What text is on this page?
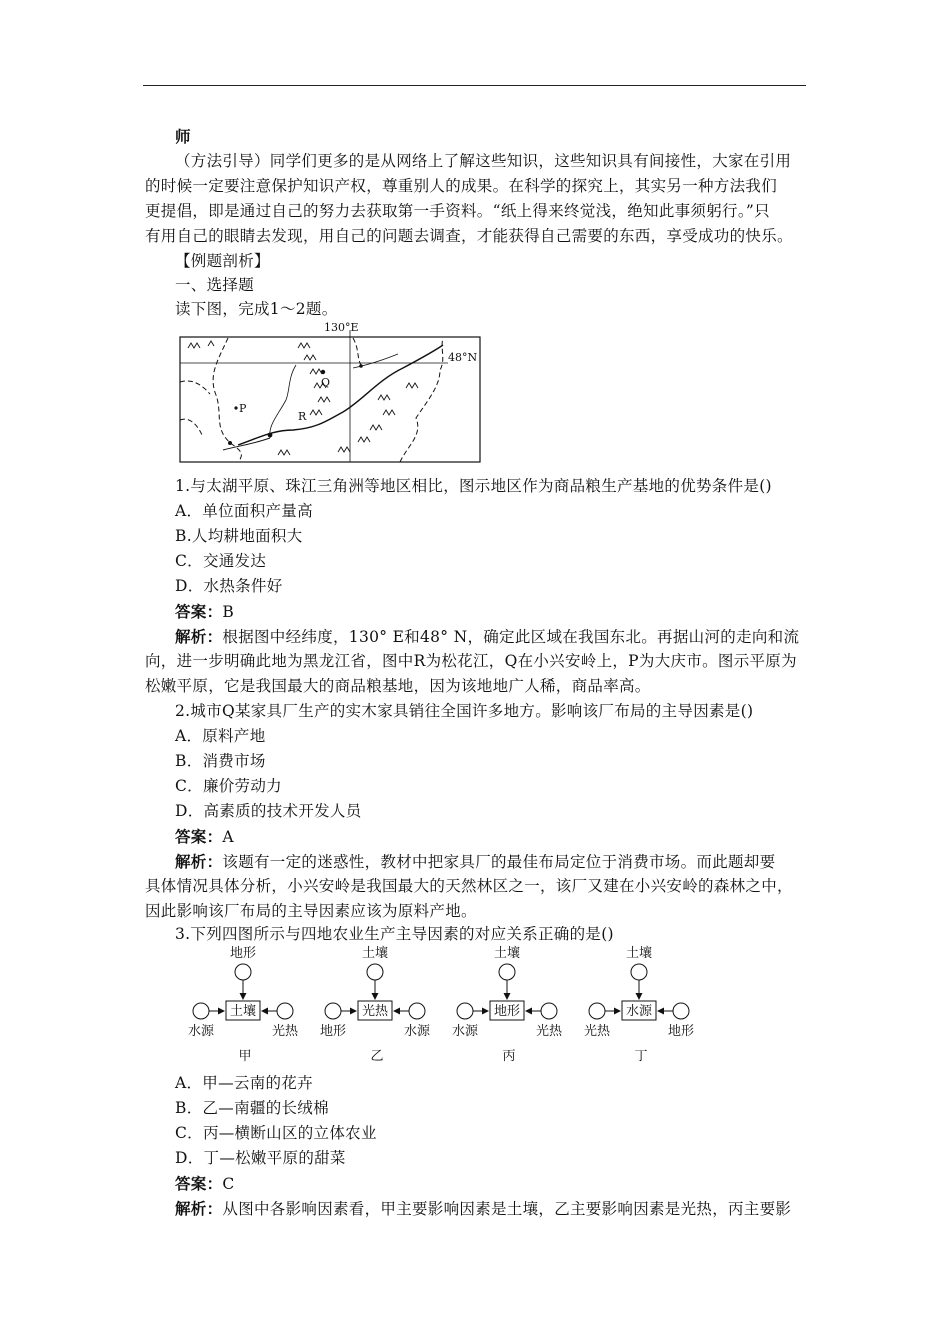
师
（方法引导）同学们更多的是从网络上了解这些知识，这些知识具有间接性，大家在引用
的时候一定要注意保护知识产权，尊重别人的成果。在科学的探究上，其实另一种方法我们
更提倡，即是通过自己的努力去获取第一手资料。“纸上得来终觉浅，绝知此事须躬行。”只
有用自己的眼睛去发现，用自己的问题去调查，才能获得自己需要的东西，享受成功的快乐。
【例题剖析】
一、选择题
读下图，完成1～2题。
130°E
48°N
Q
P
R
1.与太湖平原、珠江三角洲等地区相比，图示地区作为商品粮生产基地的优势条件是()
A．单位面积产量高
B.人均耕地面积大
C．交通发达
D．水热条件好
答案：B
解析：根据图中经纬度，130° E和48° N，确定此区域在我国东北。再据山河的走向和流
向，进一步明确此地为黑龙江省，图中R为松花江，Q在小兴安岭上，P为大庆市。图示平原为
松嫩平原，它是我国最大的商品粮基地，因为该地地广人稀，商品率高。
2.城市Q某家具厂生产的实木家具销往全国许多地方。影响该厂布局的主导因素是()
A．原料产地
B．消费市场
C．廉价劳动力
D．高素质的技术开发人员
答案：A
解析：该题有一定的迷惑性，教材中把家具厂的最佳布局定位于消费市场。而此题却要
具体情况具体分析，小兴安岭是我国最大的天然林区之一，该厂又建在小兴安岭的森林之中，
因此影响该厂布局的主导因素应该为原料产地。
3.下列四图所示与四地农业生产主导因素的对应关系正确的是()
地形
土壤
水源	光热
甲
土壤
光热
地形	水源
乙
土壤
地形
水源	光热
丙
土壤
水源
光热	地形
丁
A．甲—云南的花卉
B．乙—南疆的长绒棉
C．丙—横断山区的立体农业
D．丁—松嫩平原的甜菜
答案：C
解析：从图中各影响因素看，甲主要影响因素是土壤，乙主要影响因素是光热，丙主要影
